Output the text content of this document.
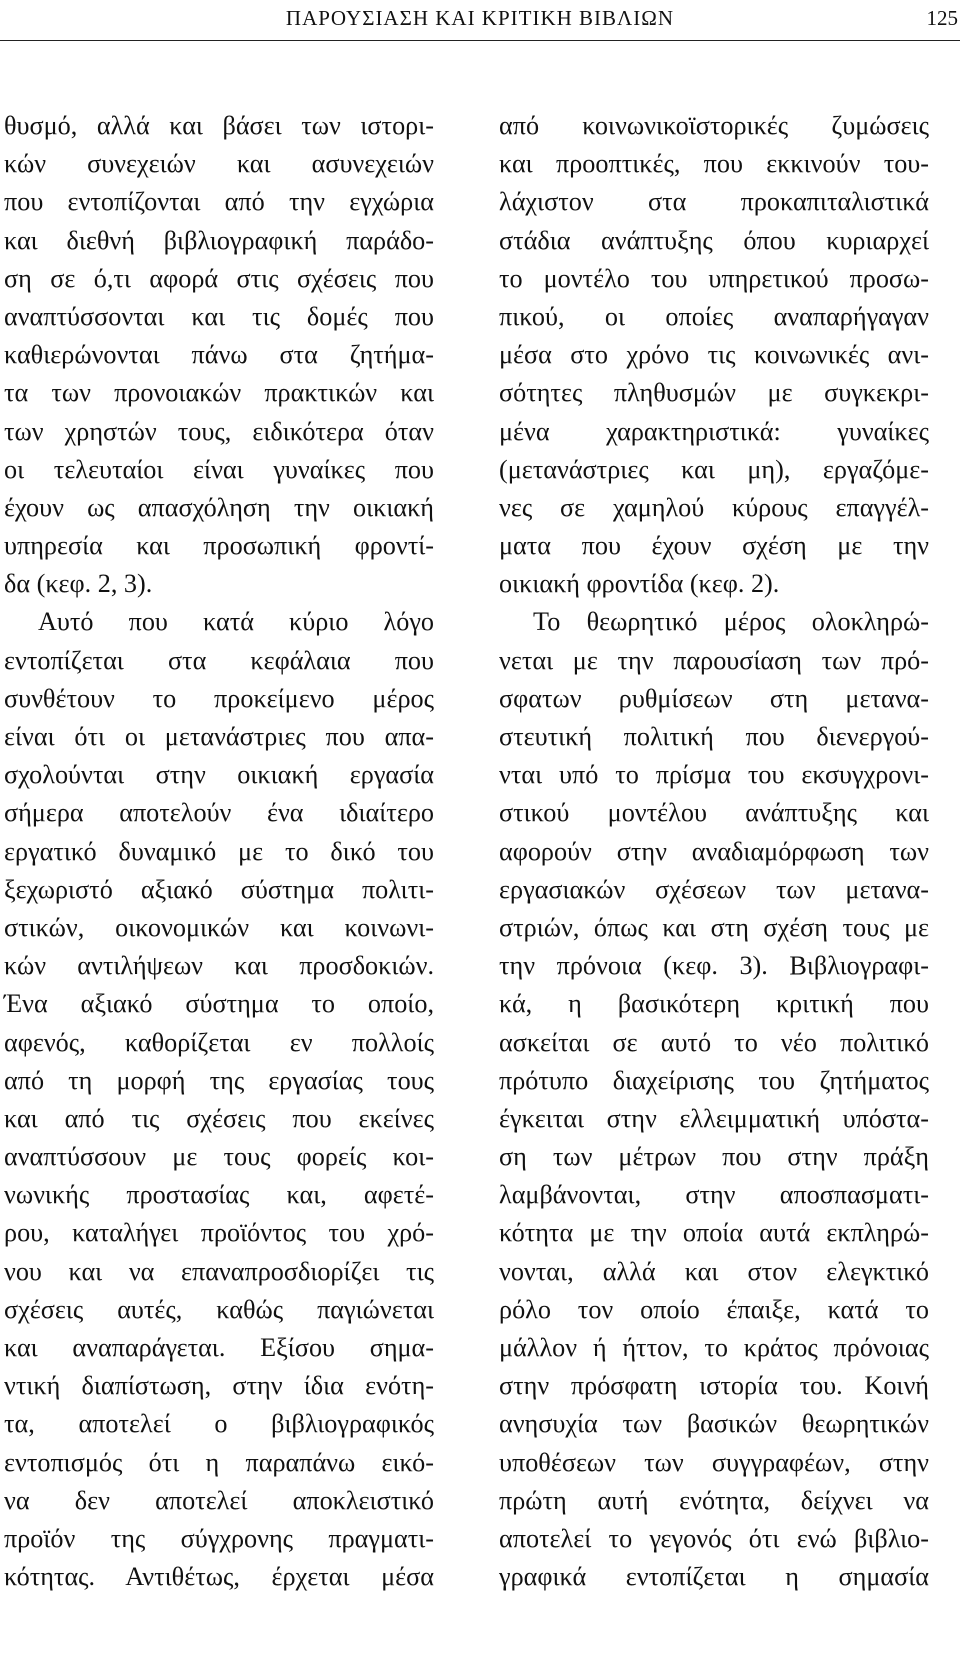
ΠΑΡΟΥΣΙΑΣΗ ΚΑΙ ΚΡΙΤΙΚΗ ΒΙΒΛΙΩΝ	125
θυσμό, αλλά και βάσει των ιστορι-
κών συνεχειών και ασυνεχειών
που εντοπίζονται από την εγχώρια
και διεθνή βιβλιογραφική παράδο-
ση σε ό,τι αφορά στις σχέσεις που
αναπτύσσονται και τις δομές που
καθιερώνονται πάνω στα ζητήμα-
τα των προνοιακών πρακτικών και
των χρηστών τους, ειδικότερα όταν
οι τελευταίοι είναι γυναίκες που
έχουν ως απασχόληση την οικιακή
υπηρεσία και προσωπική φροντί-
δα (κεφ. 2, 3).
Αυτό που κατά κύριο λόγο
εντοπίζεται στα κεφάλαια που
συνθέτουν το προκείμενο μέρος
είναι ότι οι μετανάστριες που απα-
σχολούνται στην οικιακή εργασία
σήμερα αποτελούν ένα ιδιαίτερο
εργατικό δυναμικό με το δικό του
ξεχωριστό αξιακό σύστημα πολιτι-
στικών, οικονομικών και κοινωνι-
κών αντιλήψεων και προσδοκιών.
Ένα αξιακό σύστημα το οποίο,
αφενός, καθορίζεται εν πολλοίς
από τη μορφή της εργασίας τους
και από τις σχέσεις που εκείνες
αναπτύσσουν με τους φορείς κοι-
νωνικής προστασίας και, αφετέ-
ρου, καταλήγει προϊόντος του χρό-
νου και να επαναπροσδιορίζει τις
σχέσεις αυτές, καθώς παγιώνεται
και αναπαράγεται. Εξίσου σημα-
ντική διαπίστωση, στην ίδια ενότη-
τα, αποτελεί ο βιβλιογραφικός
εντοπισμός ότι η παραπάνω εικό-
να δεν αποτελεί αποκλειστικό
προϊόν της σύγχρονης πραγματι-
κότητας. Αντιθέτως, έρχεται μέσα
από κοινωνικοϊστορικές ζυμώσεις
και προοπτικές, που εκκινούν του-
λάχιστον στα προκαπιταλιστικά
στάδια ανάπτυξης όπου κυριαρχεί
το μοντέλο του υπηρετικού προσω-
πικού, οι οποίες αναπαρήγαγαν
μέσα στο χρόνο τις κοινωνικές ανι-
σότητες πληθυσμών με συγκεκρι-
μένα χαρακτηριστικά: γυναίκες
(μετανάστριες και μη), εργαζόμε-
νες σε χαμηλού κύρους επαγγέλ-
ματα που έχουν σχέση με την
οικιακή φροντίδα (κεφ. 2).
Το θεωρητικό μέρος ολοκληρώ-
νεται με την παρουσίαση των πρό-
σφατων ρυθμίσεων στη μετανα-
στευτική πολιτική που διενεργού-
νται υπό το πρίσμα του εκσυγχρονι-
στικού μοντέλου ανάπτυξης και
αφορούν στην αναδιαμόρφωση των
εργασιακών σχέσεων των μετανα-
στριών, όπως και στη σχέση τους με
την πρόνοια (κεφ. 3). Βιβλιογραφι-
κά, η βασικότερη κριτική που
ασκείται σε αυτό το νέο πολιτικό
πρότυπο διαχείρισης του ζητήματος
έγκειται στην ελλειμματική υπόστα-
ση των μέτρων που στην πράξη
λαμβάνονται, στην αποσπασματι-
κότητα με την οποία αυτά εκπληρώ-
νονται, αλλά και στον ελεγκτικό
ρόλο τον οποίο έπαιξε, κατά το
μάλλον ή ήττον, το κράτος πρόνοιας
στην πρόσφατη ιστορία του. Κοινή
ανησυχία των βασικών θεωρητικών
υποθέσεων των συγγραφέων, στην
πρώτη αυτή ενότητα, δείχνει να
αποτελεί το γεγονός ότι ενώ βιβλιο-
γραφικά εντοπίζεται η σημασία
